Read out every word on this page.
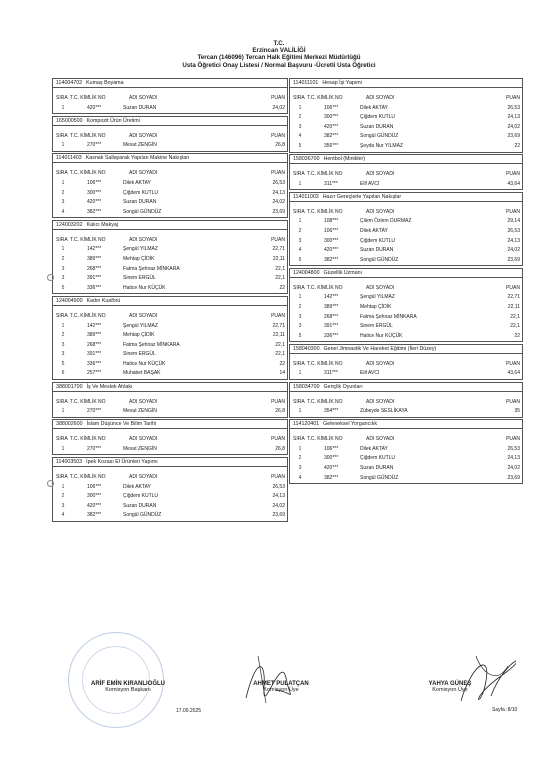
T.C.
Erzincan VALİLİĞİ
Tercan (146096) Tercan Halk Eğitimi Merkezi Müdürlüğü
Usta Öğretici Onay Listesi / Normal Başvuru -Ücretli Usta Öğretici
114004702 Kumaş Boyama
SIRA T.C. KİMLİK NO	ADI SOYADI	PUAN
1	420***	Suzan DURAN	24,02
165000500 Kompozit Ürün Üretimi
SIRA T.C. KİMLİK NO	ADI SOYADI	PUAN
1	270***	Mesut ZENGİN	26,8
114011403 Kasnak Sallayarak Yapılan Makine Nakışları
SIRA T.C. KİMLİK NO	ADI SOYADI	PUAN
1	106***	Dilek AKTAY	26,53
2	300***	Çiğdem KUTLU	24,13
3	420***	Suzan DURAN	24,02
4	382***	Songül GÜNDÜZ	23,69
124003202 Kalıcı Makyaj
SIRA T.C. KİMLİK NO	ADI SOYADI	PUAN
1	142***	Şengül YILMAZ	22,71
2	389***	Mehtap ÇİDİK	22,11
3	268***	Fatma Şehnaz MİNKARA	22,1
3	391***	Sinem ERGÜL	22,1
5	336***	Hatice Nur KÜÇÜK	22
124004900 Kadın Kuaförü
SIRA T.C. KİMLİK NO	ADI SOYADI	PUAN
1	142***	Şengül YILMAZ	22,71
2	389***	Mehtap ÇİDİK	22,11
3	268***	Fatma Şehnaz MİNKARA	22,1
3	391***	Sinem ERGÜL	22,1
5	336***	Hatice Nur KÜÇÜK	22
6	257***	Muhabet BAŞAK	14
388001700 İş Ve Meslek Ahlakı
SIRA T.C. KİMLİK NO	ADI SOYADI	PUAN
1	270***	Mesut ZENGİN	26,8
388002600 İslam Düşünce Ve Bilim Tarihi
SIRA T.C. KİMLİK NO	ADI SOYADI	PUAN
1	270***	Mesut ZENGİN	26,8
114003503 İpek Kozası El Ürünleri Yapımı
SIRA T.C. KİMLİK NO	ADI SOYADI	PUAN
1	106***	Dilek AKTAY	26,53
2	300***	Çiğdem KUTLU	24,13
3	420***	Suzan DURAN	24,02
4	382***	Songül GÜNDÜZ	23,69
114011101 Hesap İşi Yapımı
SIRA T.C. KİMLİK NO	ADI SOYADI	PUAN
1	106***	Dilek AKTAY	26,53
2	300***	Çiğdem KUTLU	24,13
3	420***	Suzan DURAN	24,02
4	382***	Songül GÜNDÜZ	23,69
5	356***	Şeyda Nur YILMAZ	22
158036700 Hentbol (Minikler)
SIRA T.C. KİMLİK NO	ADI SOYADI	PUAN
1	311***	Elif AVCI	43,64
114011003 Hazır Gereçlerle Yapılan Nakışlar
SIRA T.C. KİMLİK NO	ADI SOYADI	PUAN
1	108***	Çilem Özlem DURMAZ	29,14
2	106***	Dilek AKTAY	26,53
3	300***	Çiğdem KUTLU	24,13
4	420***	Suzan DURAN	24,02
5	382***	Songül GÜNDÜZ	23,69
124004800 Güzellik Uzmanı
SIRA T.C. KİMLİK NO	ADI SOYADI	PUAN
1	142***	Şengül YILMAZ	22,71
2	389***	Mehtap ÇİDİK	22,11
3	268***	Fatma Şehnaz MİNKARA	22,1
3	391***	Sinem ERGÜL	22,1
5	336***	Hatice Nur KÜÇÜK	22
158040300 Genel Jimnastik Ve Hareket Eğitimi (İleri Düzey)
SIRA T.C. KİMLİK NO	ADI SOYADI	PUAN
1	311***	Elif AVCI	43,64
158034700 Gençlik Oyunları
SIRA T.C. KİMLİK NO	ADI SOYADI	PUAN
1	354***	Zübeyde SESLİKAYA	35
114120401 Geleneksel Yorgancılık
SIRA T.C. KİMLİK NO	ADI SOYADI	PUAN
1	106***	Dilek AKTAY	26,53
2	300***	Çiğdem KUTLU	24,13
3	420***	Suzan DURAN	24,02
4	382***	Songül GÜNDÜZ	23,69
ARİF EMİN KIRANLIOĞLU
Komisyon Başkanı
AHMET PULATÇAN
Komisyon Üye
YAHYA GÜNEŞ
Komisyon Üye
17.09.2025	Sayfa :8/10
